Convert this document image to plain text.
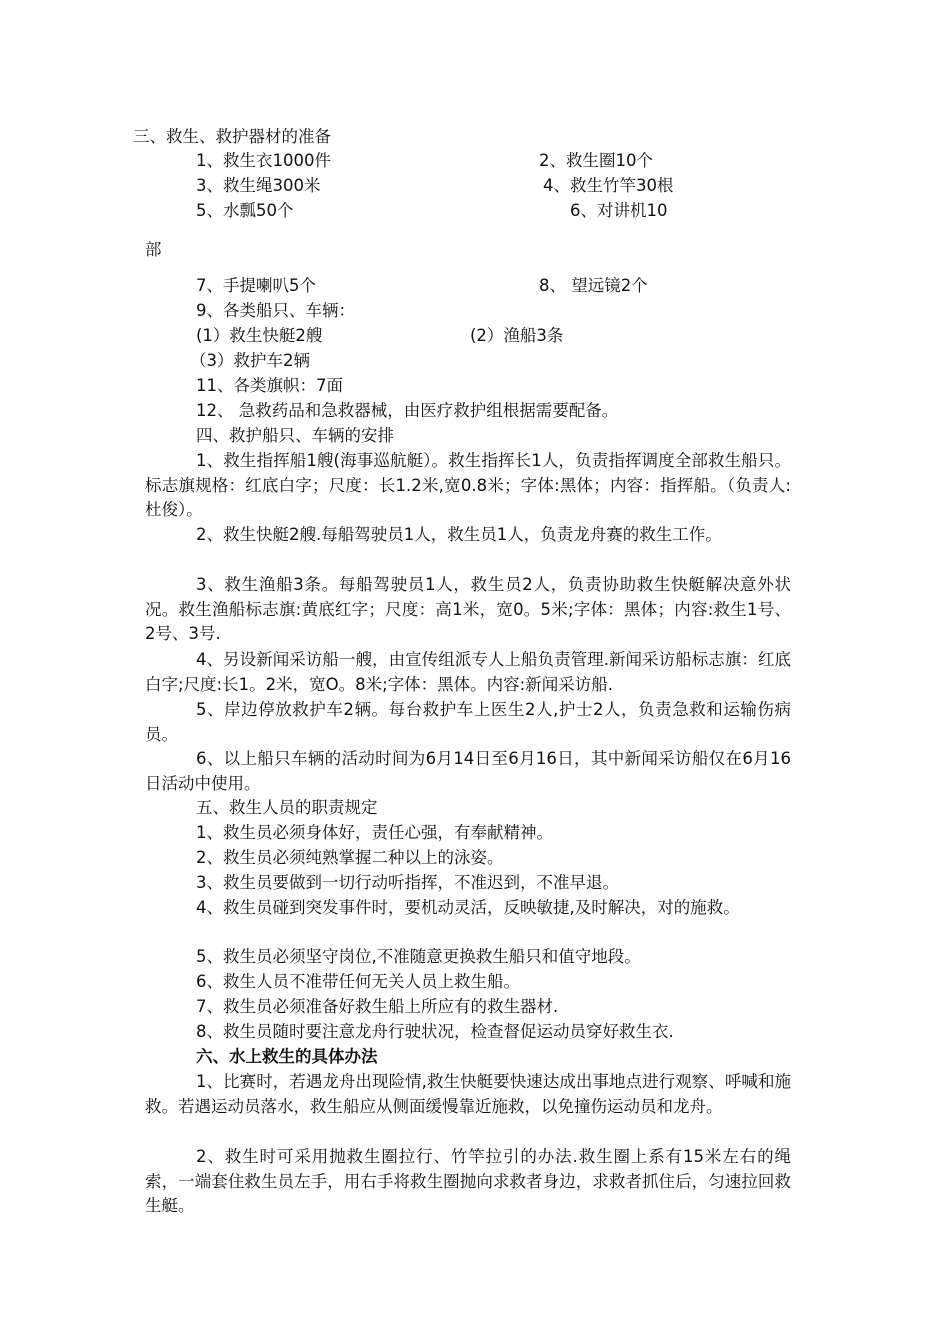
三、救生、救护器材的准备
1、救生衣1000件	2、救生圈10个
3、救生绳300米	4、救生竹竿30根
5、水瓢50个	6、对讲机10
部
7、手提喇叭5个	8、 望远镜2个
9、各类船只、车辆：
(1）救生快艇2艘	(2）渔船3条
（3）救护车2辆
11、各类旗帜：7面
12、 急救药品和急救器械，由医疗救护组根据需要配备。
四、救护船只、车辆的安排

1、救生指挥船1艘(海事巡航艇）。救生指挥长1人，负责指挥调度全部救生船只。标志旗规格：红底白字；尺度：长1.2米,宽0.8米；字体:黑体；内容：指挥船。（负责人:杜俊）。

2、救生快艇2艘.每船驾驶员1人，救生员1人，负责龙舟赛的救生工作。

3、救生渔船3条。每船驾驶员1人，救生员2人，负责协助救生快艇解决意外状况。救生渔船标志旗:黄底红字；尺度：高1米，宽0。5米;字体：黑体；内容:救生1号、2号、3号.

4、另设新闻采访船一艘，由宣传组派专人上船负责管理.新闻采访船标志旗：红底白字;尺度:长1。2米，宽O。8米;字体：黑体。内容:新闻采访船.

5、岸边停放救护车2辆。每台救护车上医生2人,护士2人，负责急救和运输伤病员。

6、以上船只车辆的活动时间为6月14日至6月16日，其中新闻采访船仅在6月16日活动中使用。

五、救生人员的职责规定
1、救生员必须身体好，责任心强，有奉献精神。
2、救生员必须纯熟掌握二种以上的泳姿。
3、救生员要做到一切行动听指挥，不准迟到，不准早退。

4、救生员碰到突发事件时，要机动灵活，反映敏捷,及时解决，对的施救。

5、救生员必须坚守岗位,不准随意更换救生船只和值守地段。
6、救生人员不准带任何无关人员上救生船。
7、救生员必须准备好救生船上所应有的救生器材.
8、救生员随时要注意龙舟行驶状况，检查督促运动员穿好救生衣.
六、水上救生的具体办法

1、比赛时，若遇龙舟出现险情,救生快艇要快速达成出事地点进行观察、呼喊和施救。若遇运动员落水，救生船应从侧面缓慢靠近施救，以免撞伤运动员和龙舟。

2、救生时可采用抛救生圈拉行、竹竿拉引的办法.救生圈上系有15米左右的绳索，一端套住救生员左手，用右手将救生圈抛向求救者身边，求救者抓住后，匀速拉回救生艇。
